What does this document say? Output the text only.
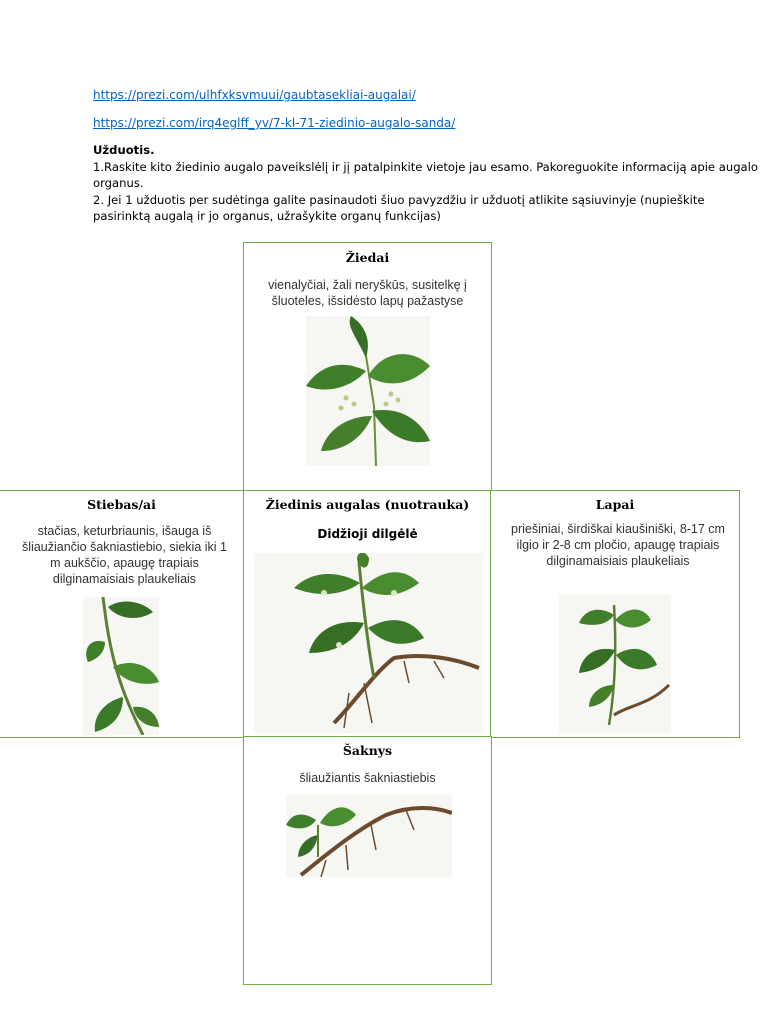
https://prezi.com/ulhfxksvmuui/gaubtasekliai-augalai/
https://prezi.com/irq4eglff_yv/7-kl-71-ziedinio-augalo-sanda/
Užduotis.
1.Raskite kito žiedinio augalo paveikslėlį ir jį patalpinkite vietoje jau esamo. Pakoreguokite informaciją apie augalo organus.
2. Jei 1 užduotis per sudėtinga galite pasinaudoti šiuo pavyzdžiu ir užduotį atlikite sąsiuvinyje (nupieškite pasirinktą augalą ir jo organus, užrašykite organų funkcijas)
Žiedai
vienalyčiai, žali neryškūs, susitelkę į šluoteles, išsidėsto lapų pažastyse
Stiebas/ai
stačias, keturbriaunis, išauga iš šliaužiančio šakniastiebio, siekia iki 1 m aukščio, apaugę trapiais dilginamaisiais plaukeliais
Žiedinis augalas (nuotrauka)
Didžioji dilgėlė
Lapai
priešiniai, širdiškai kiaušiniški, 8-17 cm ilgio ir 2-8 cm pločio, apaugę trapiais dilginamaisiais plaukeliais
Šaknys
šliaužiantis šakniastiebis
